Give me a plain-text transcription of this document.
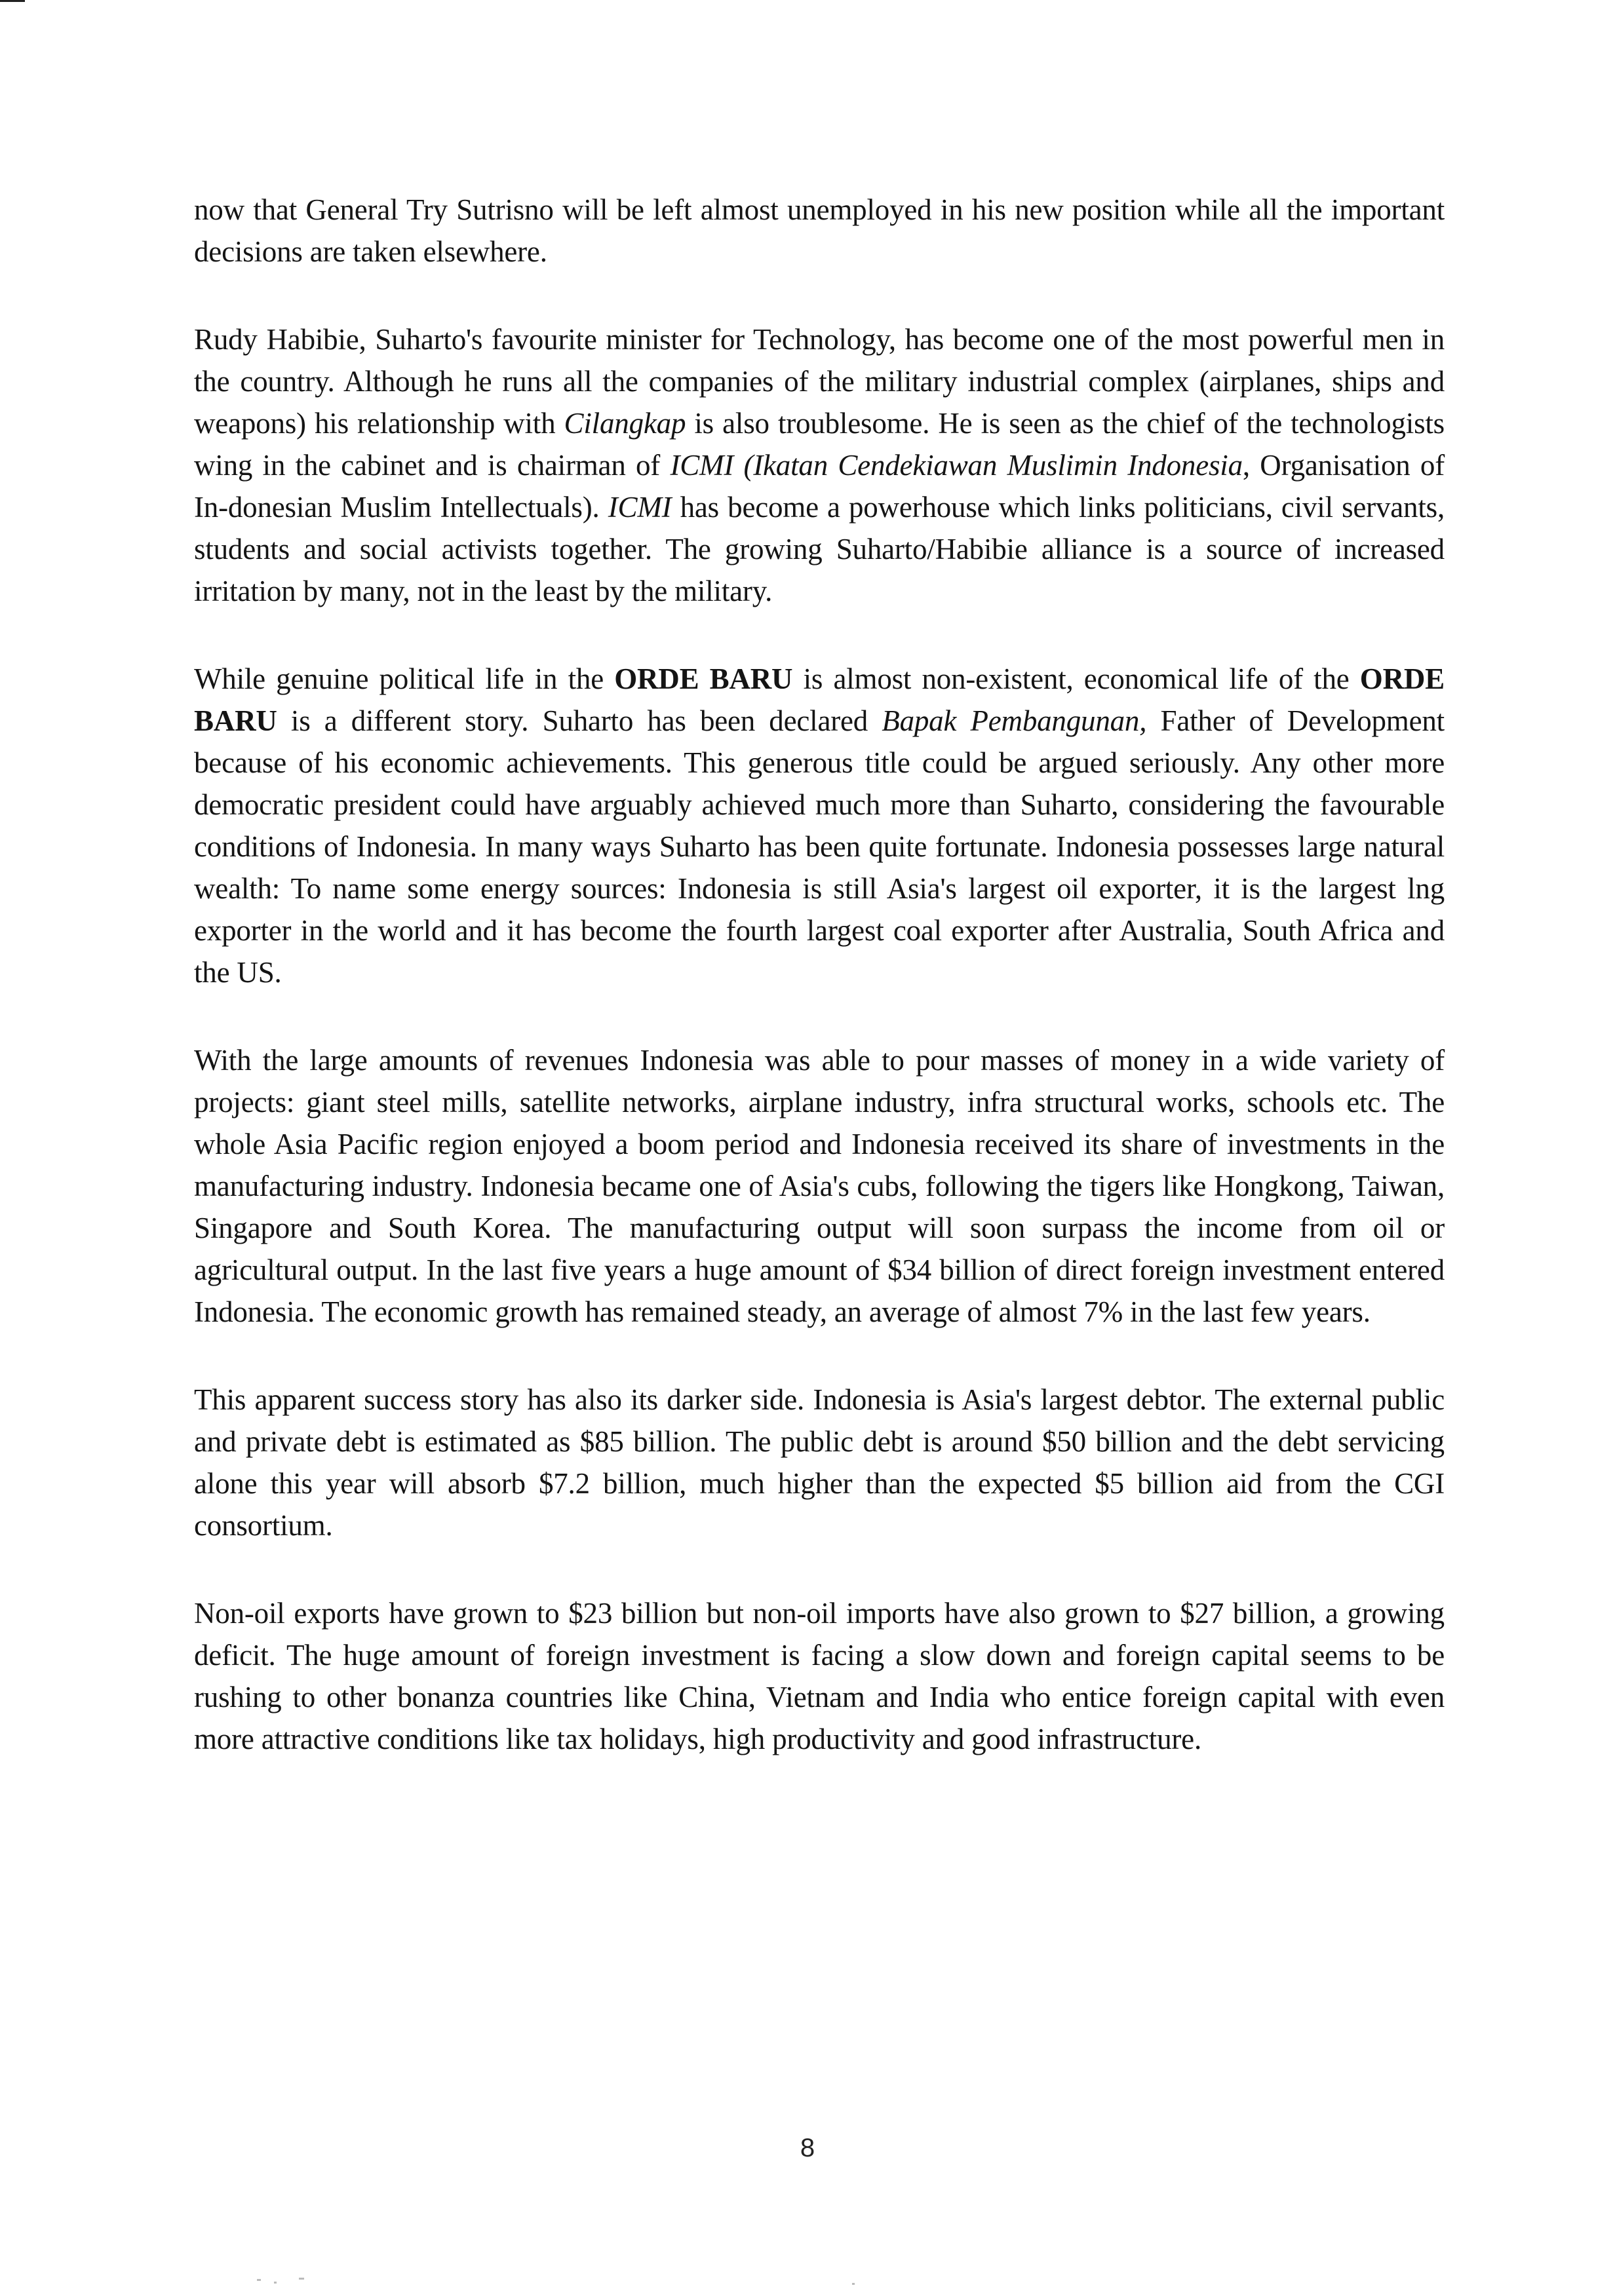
now that General Try Sutrisno will be left almost unemployed in his new position while all the important decisions are taken elsewhere.

Rudy Habibie, Suharto's favourite minister for Technology, has become one of the most powerful men in the country. Although he runs all the companies of the military industrial complex (airplanes, ships and weapons) his relationship with Cilangkap is also troublesome. He is seen as the chief of the technologists wing in the cabinet and is chairman of ICMI (Ikatan Cendekiawan Muslimin Indonesia, Organisation of In-donesian Muslim Intellectuals). ICMI has become a powerhouse which links politicians, civil servants, students and social activists together. The growing Suharto/Habibie alliance is a source of increased irritation by many, not in the least by the military.

While genuine political life in the ORDE BARU is almost non-existent, economical life of the ORDE BARU is a different story. Suharto has been declared Bapak Pembangunan, Father of Development because of his economic achievements. This generous title could be argued seriously. Any other more democratic president could have arguably achieved much more than Suharto, considering the favourable conditions of Indonesia. In many ways Suharto has been quite fortunate. Indonesia possesses large natural wealth: To name some energy sources: Indonesia is still Asia's largest oil exporter, it is the largest lng exporter in the world and it has become the fourth largest coal exporter after Australia, South Africa and the US.

With the large amounts of revenues Indonesia was able to pour masses of money in a wide variety of projects: giant steel mills, satellite networks, airplane industry, infra structural works, schools etc. The whole Asia Pacific region enjoyed a boom period and Indonesia received its share of investments in the manufacturing industry. Indonesia became one of Asia's cubs, following the tigers like Hongkong, Taiwan, Singapore and South Korea. The manufacturing output will soon surpass the income from oil or agricultural output. In the last five years a huge amount of $34 billion of direct foreign investment entered Indonesia. The economic growth has remained steady, an average of almost 7% in the last few years.

This apparent success story has also its darker side. Indonesia is Asia's largest debtor. The external public and private debt is estimated as $85 billion. The public debt is around $50 billion and the debt servicing alone this year will absorb $7.2 billion, much higher than the expected $5 billion aid from the CGI consortium.

Non-oil exports have grown to $23 billion but non-oil imports have also grown to $27 billion, a growing deficit. The huge amount of foreign investment is facing a slow down and foreign capital seems to be rushing to other bonanza countries like China, Vietnam and India who entice foreign capital with even more attractive conditions like tax holidays, high productivity and good infrastructure.

8
